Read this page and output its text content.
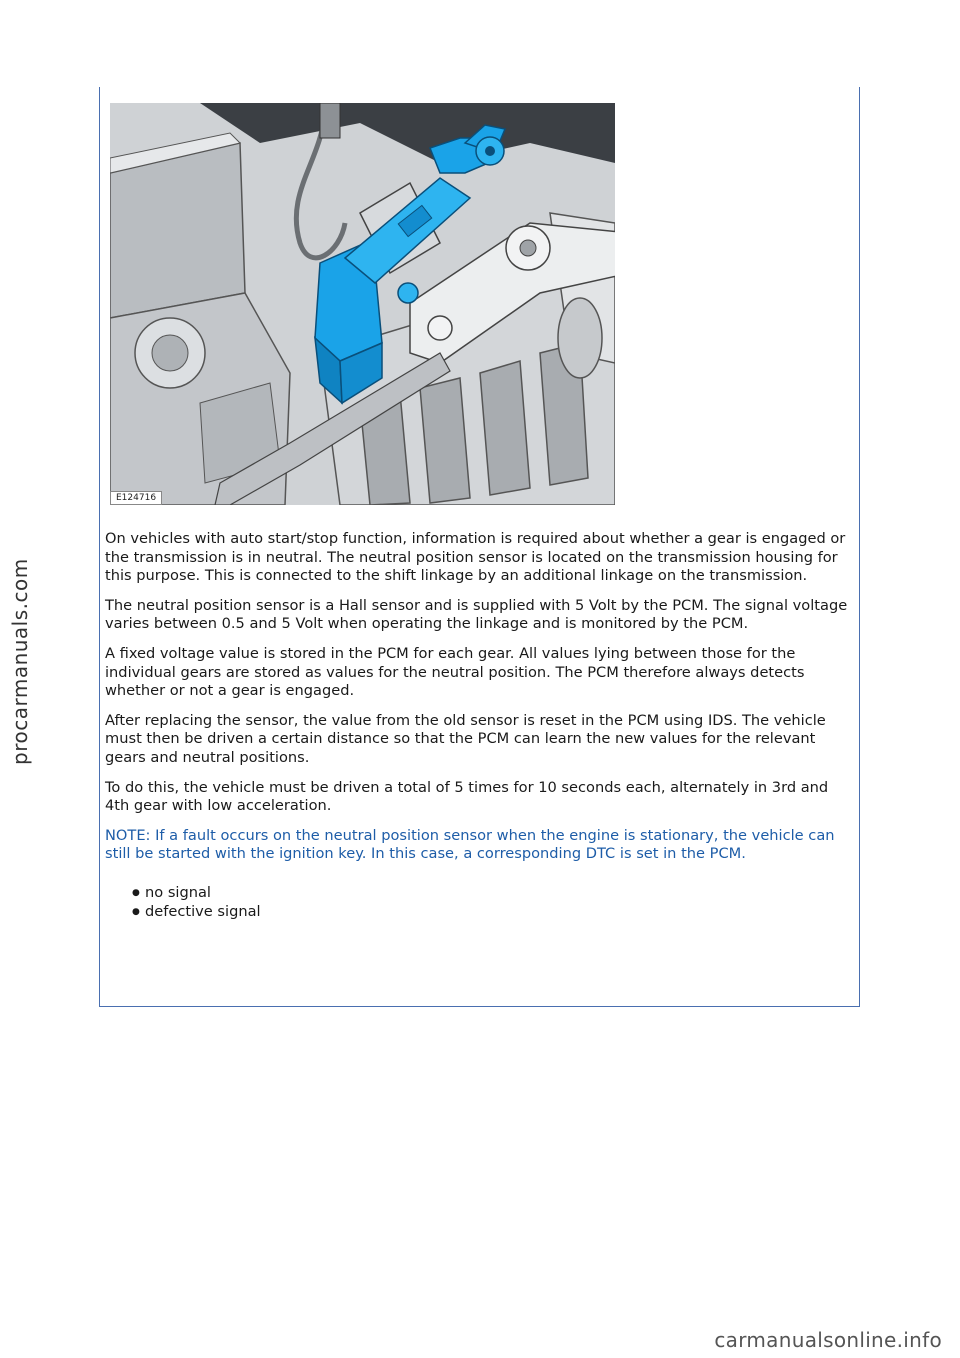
procarmanuals.com
E124716

On vehicles with auto start/stop function, information is required about whether a gear is engaged or the transmission is in neutral. The neutral position sensor is located on the transmission housing for this purpose. This is connected to the shift linkage by an additional linkage on the transmission.

The neutral position sensor is a Hall sensor and is supplied with 5 Volt by the PCM. The signal voltage varies between 0.5 and 5 Volt when operating the linkage and is monitored by the PCM.

A fixed voltage value is stored in the PCM for each gear. All values lying between those for the individual gears are stored as values for the neutral position. The PCM therefore always detects whether or not a gear is engaged.

After replacing the sensor, the value from the old sensor is reset in the PCM using IDS. The vehicle must then be driven a certain distance so that the PCM can learn the new values for the relevant gears and neutral positions.

To do this, the vehicle must be driven a total of 5 times for 10 seconds each, alternately in 3rd and 4th gear with low acceleration.

NOTE: If a fault occurs on the neutral position sensor when the engine is stationary, the vehicle can still be started with the ignition key. In this case, a corresponding DTC is set in the PCM.

● no signal
● defective signal
carmanualsonline.info
